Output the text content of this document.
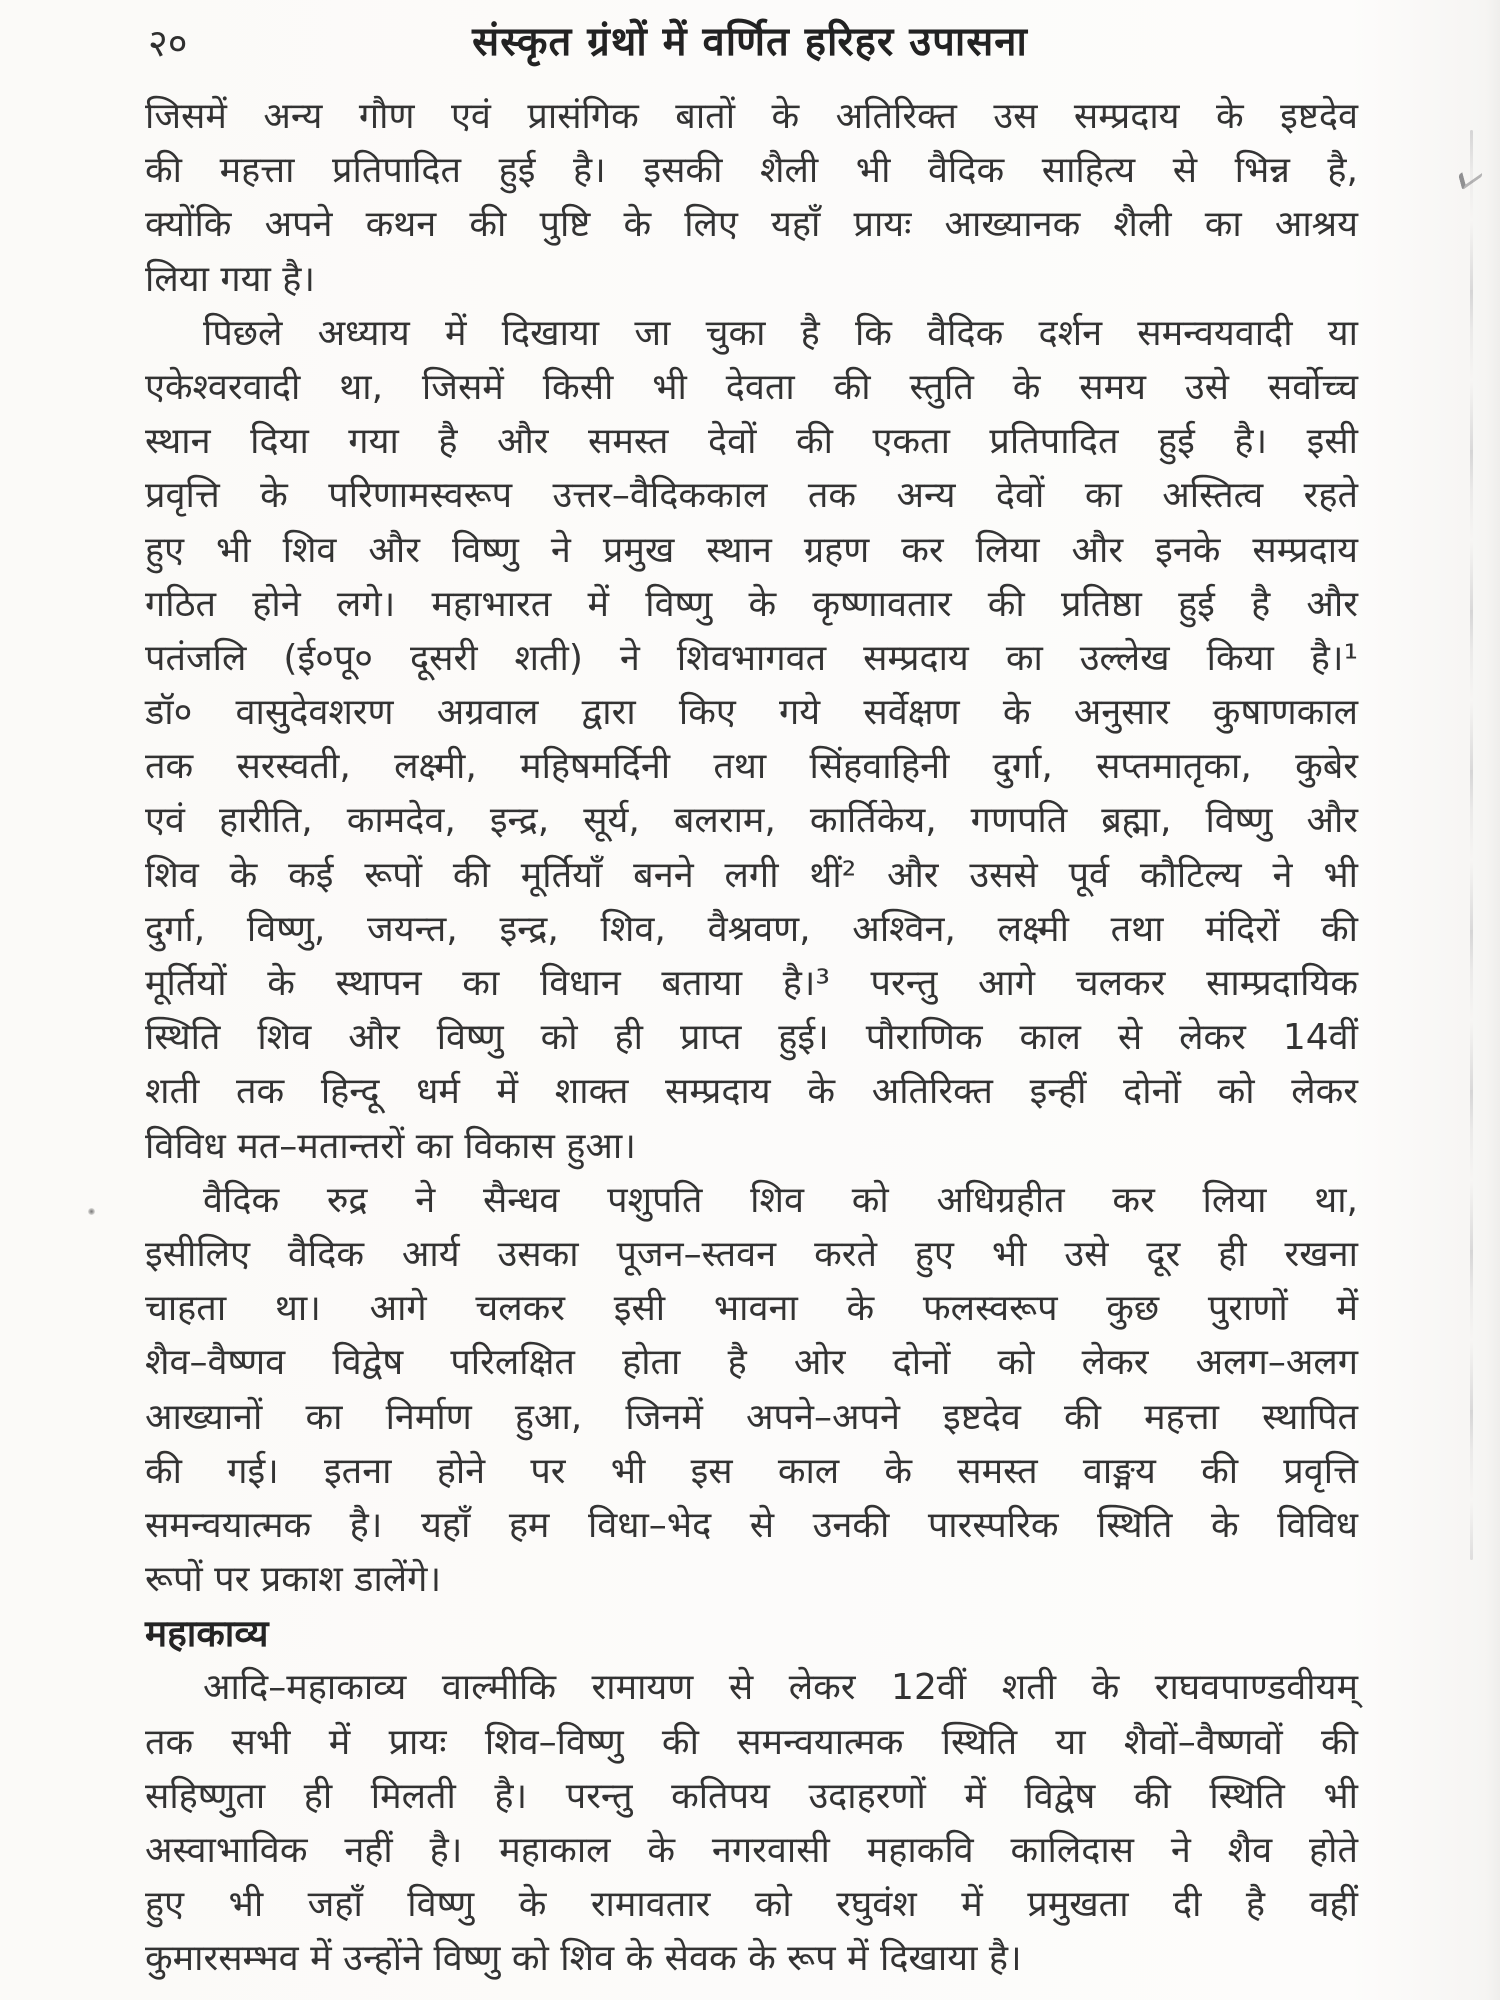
२०	संस्कृत ग्रंथों में वर्णित हरिहर उपासना
जिसमें अन्य गौण एवं प्रासंगिक बातों के अतिरिक्त उस सम्प्रदाय के इष्टदेव
की महत्ता प्रतिपादित हुई है। इसकी शैली भी वैदिक साहित्य से भिन्न है,
क्योंकि अपने कथन की पुष्टि के लिए यहाँ प्रायः आख्यानक शैली का आश्रय
लिया गया है।
पिछले अध्याय में दिखाया जा चुका है कि वैदिक दर्शन समन्वयवादी या
एकेश्वरवादी था, जिसमें किसी भी देवता की स्तुति के समय उसे सर्वोच्च
स्थान दिया गया है और समस्त देवों की एकता प्रतिपादित हुई है। इसी
प्रवृत्ति के परिणामस्वरूप उत्तर–वैदिककाल तक अन्य देवों का अस्तित्व रहते
हुए भी शिव और विष्णु ने प्रमुख स्थान ग्रहण कर लिया और इनके सम्प्रदाय
गठित होने लगे। महाभारत में विष्णु के कृष्णावतार की प्रतिष्ठा हुई है और
पतंजलि (ई०पू० दूसरी शती) ने शिवभागवत सम्प्रदाय का उल्लेख किया है।¹
डॉ० वासुदेवशरण अग्रवाल द्वारा किए गये सर्वेक्षण के अनुसार कुषाणकाल
तक सरस्वती, लक्ष्मी, महिषमर्दिनी तथा सिंहवाहिनी दुर्गा, सप्तमातृका, कुबेर
एवं हारीति, कामदेव, इन्द्र, सूर्य, बलराम, कार्तिकेय, गणपति ब्रह्मा, विष्णु और
शिव के कई रूपों की मूर्तियाँ बनने लगी थीं² और उससे पूर्व कौटिल्य ने भी
दुर्गा, विष्णु, जयन्त, इन्द्र, शिव, वैश्रवण, अश्विन, लक्ष्मी तथा मंदिरों की
मूर्तियों के स्थापन का विधान बताया है।³ परन्तु आगे चलकर साम्प्रदायिक
स्थिति शिव और विष्णु को ही प्राप्त हुई। पौराणिक काल से लेकर 14वीं
शती तक हिन्दू धर्म में शाक्त सम्प्रदाय के अतिरिक्त इन्हीं दोनों को लेकर
विविध मत–मतान्तरों का विकास हुआ।
वैदिक रुद्र ने सैन्धव पशुपति शिव को अधिग्रहीत कर लिया था,
इसीलिए वैदिक आर्य उसका पूजन–स्तवन करते हुए भी उसे दूर ही रखना
चाहता था। आगे चलकर इसी भावना के फलस्वरूप कुछ पुराणों में
शैव–वैष्णव विद्वेष परिलक्षित होता है ओर दोनों को लेकर अलग–अलग
आख्यानों का निर्माण हुआ, जिनमें अपने–अपने इष्टदेव की महत्ता स्थापित
की गई। इतना होने पर भी इस काल के समस्त वाङ्मय की प्रवृत्ति
समन्वयात्मक है। यहाँ हम विधा–भेद से उनकी पारस्परिक स्थिति के विविध
रूपों पर प्रकाश डालेंगे।
महाकाव्य
आदि–महाकाव्य वाल्मीकि रामायण से लेकर 12वीं शती के राघवपाण्डवीयम्
तक सभी में प्रायः शिव–विष्णु की समन्वयात्मक स्थिति या शैवों–वैष्णवों की
सहिष्णुता ही मिलती है। परन्तु कतिपय उदाहरणों में विद्वेष की स्थिति भी
अस्वाभाविक नहीं है। महाकाल के नगरवासी महाकवि कालिदास ने शैव होते
हुए भी जहाँ विष्णु के रामावतार को रघुवंश में प्रमुखता दी है वहीं
कुमारसम्भव में उन्होंने विष्णु को शिव के सेवक के रूप में दिखाया है।
